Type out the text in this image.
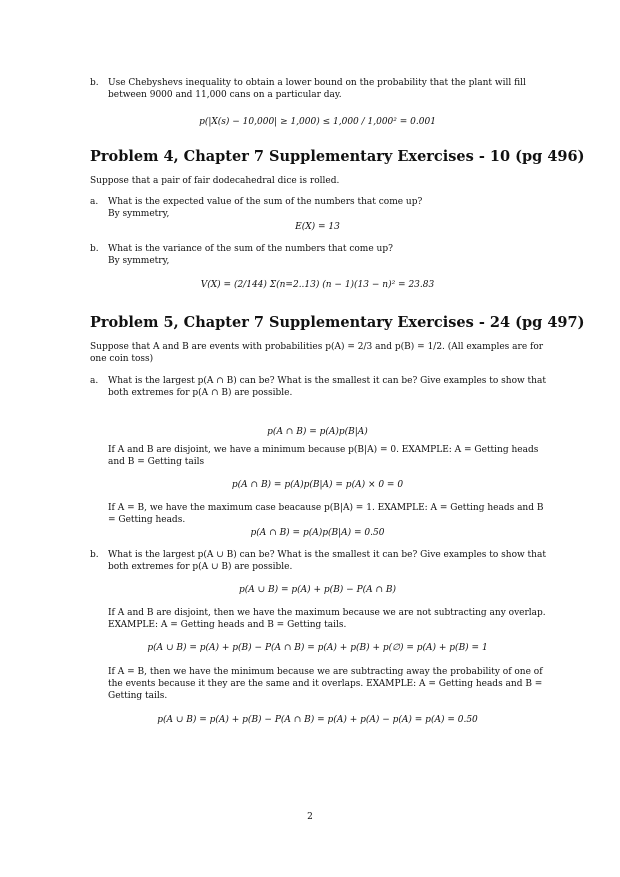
b. Use Chebyshevs inequality to obtain a lower bound on the probability that the plant will fill between 9000 and 11,000 cans on a particular day.

p(|X(s) − 10,000| ≥ 1,000) ≤ 1,000 / 1,000² = 0.001
Problem 4, Chapter 7 Supplementary Exercises - 10 (pg 496)

Suppose that a pair of fair dodecahedral dice is rolled.

a. What is the expected value of the sum of the numbers that come up?

By symmetry,

E(X) = 13
b. What is the variance of the sum of the numbers that come up?

By symmetry,

V(X) = (2/144) Σ(n=2..13) (n − 1)(13 − n)² = 23.83
Problem 5, Chapter 7 Supplementary Exercises - 24 (pg 497)

Suppose that A and B are events with probabilities p(A) = 2/3 and p(B) = 1/2. (All examples are for one coin toss)

a. What is the largest p(A ∩ B) can be? What is the smallest it can be? Give examples to show that both extremes for p(A ∩ B) are possible.

p(A ∩ B) = p(A)p(B|A)

If A and B are disjoint, we have a minimum because p(B|A) = 0. EXAMPLE: A = Getting heads and B = Getting tails

p(A ∩ B) = p(A)p(B|A) = p(A) × 0 = 0

If A = B, we have the maximum case beacause p(B|A) = 1. EXAMPLE: A = Getting heads and B = Getting heads.

p(A ∩ B) = p(A)p(B|A) = 0.50
b. What is the largest p(A ∪ B) can be? What is the smallest it can be? Give examples to show that both extremes for p(A ∪ B) are possible.

p(A ∪ B) = p(A) + p(B) − P(A ∩ B)

If A and B are disjoint, then we have the maximum because we are not subtracting any overlap. EXAMPLE: A = Getting heads and B = Getting tails.

p(A ∪ B) = p(A) + p(B) − P(A ∩ B) = p(A) + p(B) + p(∅) = p(A) + p(B) = 1

If A = B, then we have the minimum because we are subtracting away the probability of one of the events because it they are the same and it overlaps. EXAMPLE: A = Getting heads and B = Getting tails.

p(A ∪ B) = p(A) + p(B) − P(A ∩ B) = p(A) + p(A) − p(A) = p(A) = 0.50
2
